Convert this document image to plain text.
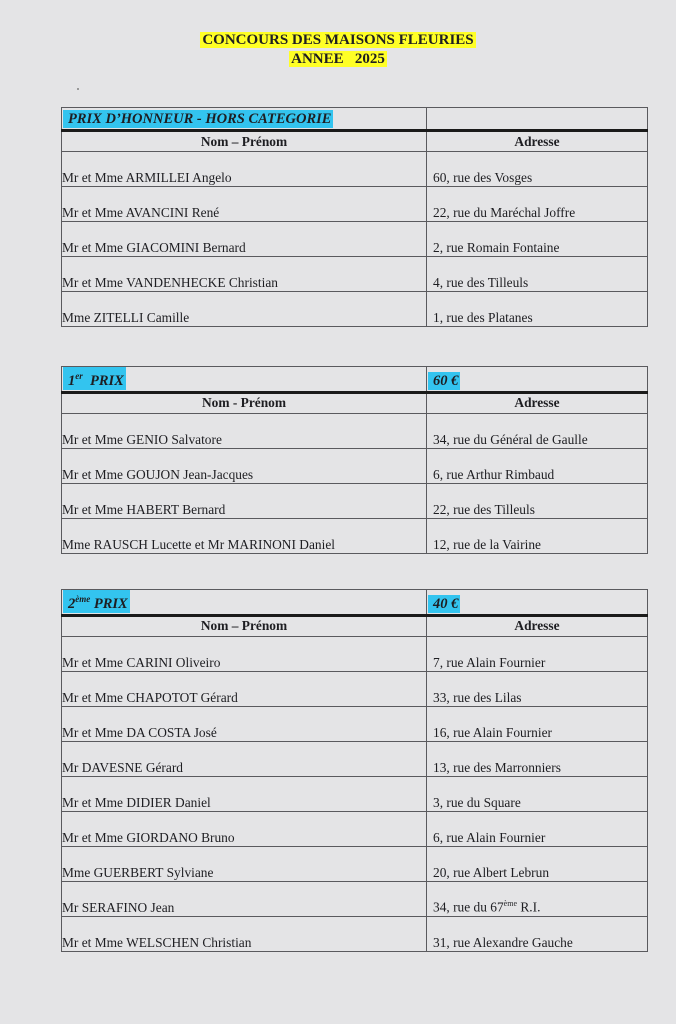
CONCOURS DES MAISONS FLEURIES
ANNEE   2025
PRIX D’HONNEUR - HORS CATEGORIE	
Nom – Prénom	Adresse
Mr et Mme ARMILLEI Angelo	60, rue des Vosges
Mr et Mme AVANCINI René	22, rue du Maréchal Joffre
Mr et Mme GIACOMINI Bernard	2, rue Romain Fontaine
Mr et Mme VANDENHECKE Christian	4, rue des Tilleuls
Mme ZITELLI Camille	1, rue des Platanes
1er PRIX	60 €
Nom - Prénom	Adresse
Mr et Mme GENIO Salvatore	34, rue du Général de Gaulle
Mr et Mme GOUJON Jean-Jacques	6, rue Arthur Rimbaud
Mr et Mme HABERT Bernard	22, rue des Tilleuls
Mme RAUSCH Lucette et Mr MARINONI Daniel	12, rue de la Vairine
2ème PRIX	40 €
Nom – Prénom	Adresse
Mr et Mme CARINI Oliveiro	7, rue Alain Fournier
Mr et Mme CHAPOTOT Gérard	33, rue des Lilas
Mr et Mme DA COSTA José	16, rue Alain Fournier
Mr DAVESNE Gérard	13, rue des Marronniers
Mr et Mme DIDIER Daniel	3, rue du Square
Mr et Mme GIORDANO Bruno	6, rue Alain Fournier
Mme GUERBERT Sylviane	20, rue Albert Lebrun
Mr SERAFINO Jean	34, rue du 67ème R.I.
Mr et Mme WELSCHEN Christian	31, rue Alexandre Gauche
